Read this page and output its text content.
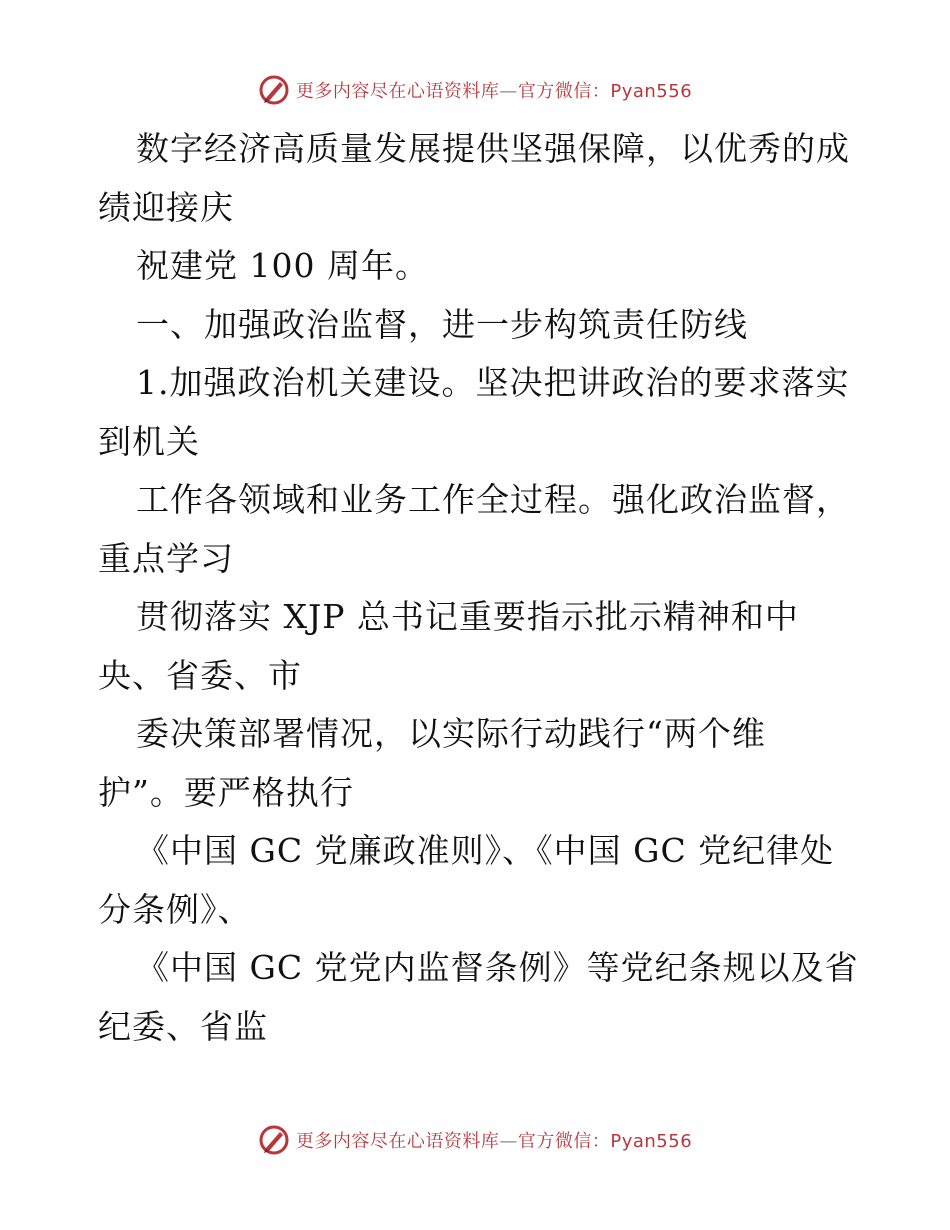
更多内容尽在心语资料库—官方微信：Pyan556
数字经济高质量发展提供坚强保障，以优秀的成
绩迎接庆
祝建党 100 周年。
一、加强政治监督，进一步构筑责任防线
1.加强政治机关建设。坚决把讲政治的要求落实
到机关
工作各领域和业务工作全过程。强化政治监督，
重点学习
贯彻落实 XJP 总书记重要指示批示精神和中
央、省委、市
委决策部署情况，以实际行动践行“两个维
护”。要严格执行
《中国 GC 党廉政准则》、《中国 GC 党纪律处
分条例》、
《中国 GC 党党内监督条例》等党纪条规以及省
纪委、省监
更多内容尽在心语资料库—官方微信：Pyan556
